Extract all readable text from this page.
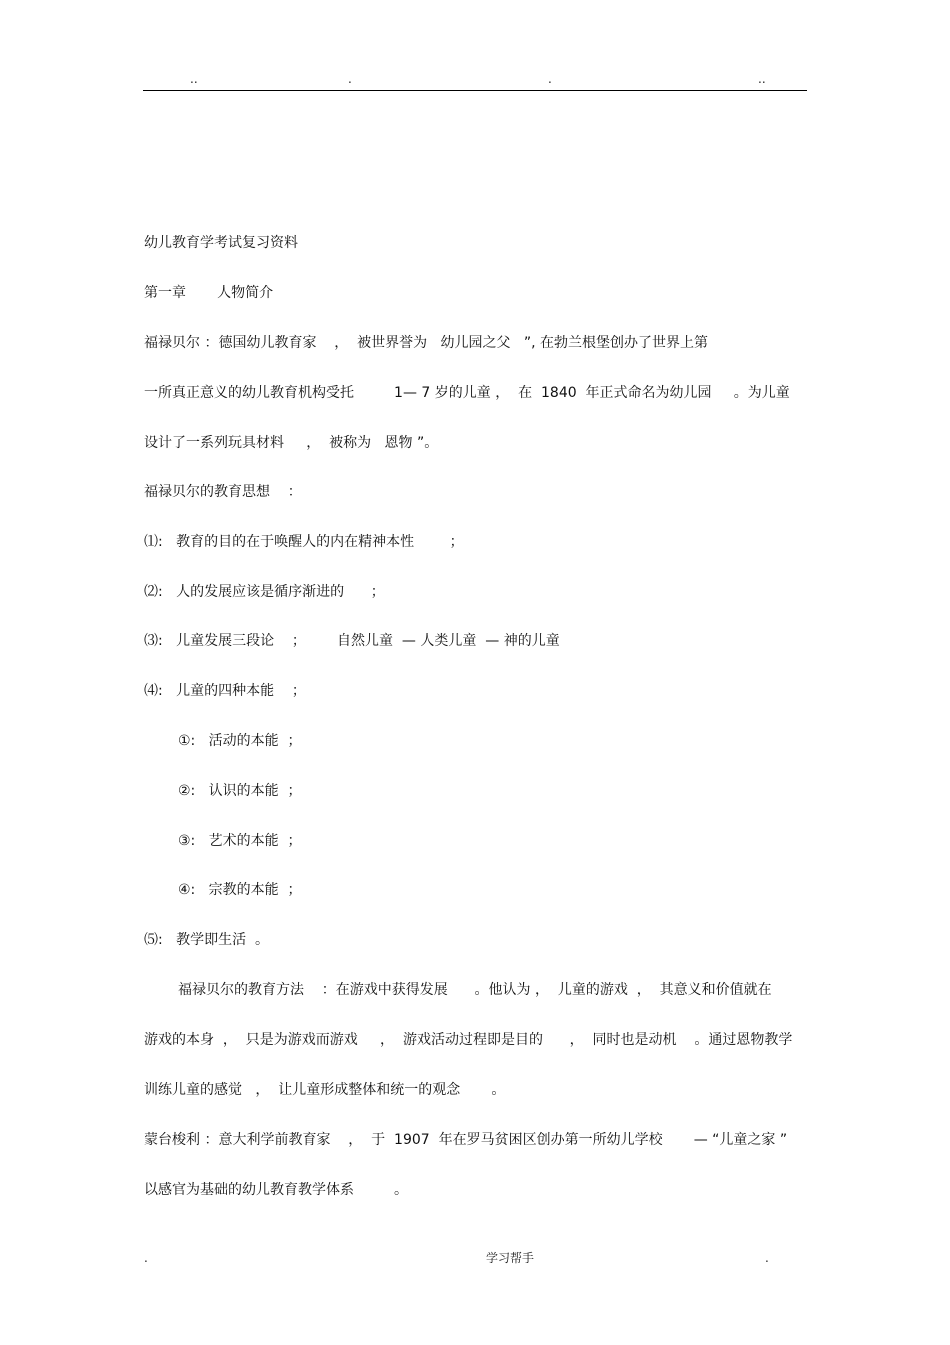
..	.	.	..
幼儿教育学考试复习资料
第一章       人物简介
福禄贝尔 ：德国幼儿教育家    ，  被世界誉为   幼儿园之父   ”, 在勃兰根堡创办了世界上第
一所真正意义的幼儿教育机构受托         1— 7 岁的儿童 ，  在  1840  年正式命名为幼儿园     。为儿童
设计了一系列玩具材料     ，  被称为   恩物 ”。
福禄贝尔的教育思想    ：
⑴:   教育的目的在于唤醒人的内在精神本性        ；
⑵:   人的发展应该是循序渐进的      ；
⑶:   儿童发展三段论    ；       自然儿童  — 人类儿童  — 神的儿童
⑷:   儿童的四种本能    ；
①:   活动的本能  ；
②:   认识的本能  ；
③:   艺术的本能  ；
④:   宗教的本能  ；
⑸:   教学即生活  。
福禄贝尔的教育方法    ：在游戏中获得发展      。他认为 ，  儿童的游戏  ，  其意义和价值就在
游戏的本身  ，  只是为游戏而游戏     ，  游戏活动过程即是目的      ，  同时也是动机    。通过恩物教学
训练儿童的感觉   ，  让儿童形成整体和统一的观念       。
蒙台梭利 ：意大利学前教育家    ，  于  1907  年在罗马贫困区创办第一所幼儿学校       — “儿童之家 ”
以感官为基础的幼儿教育教学体系         。
.	学习帮手	.
